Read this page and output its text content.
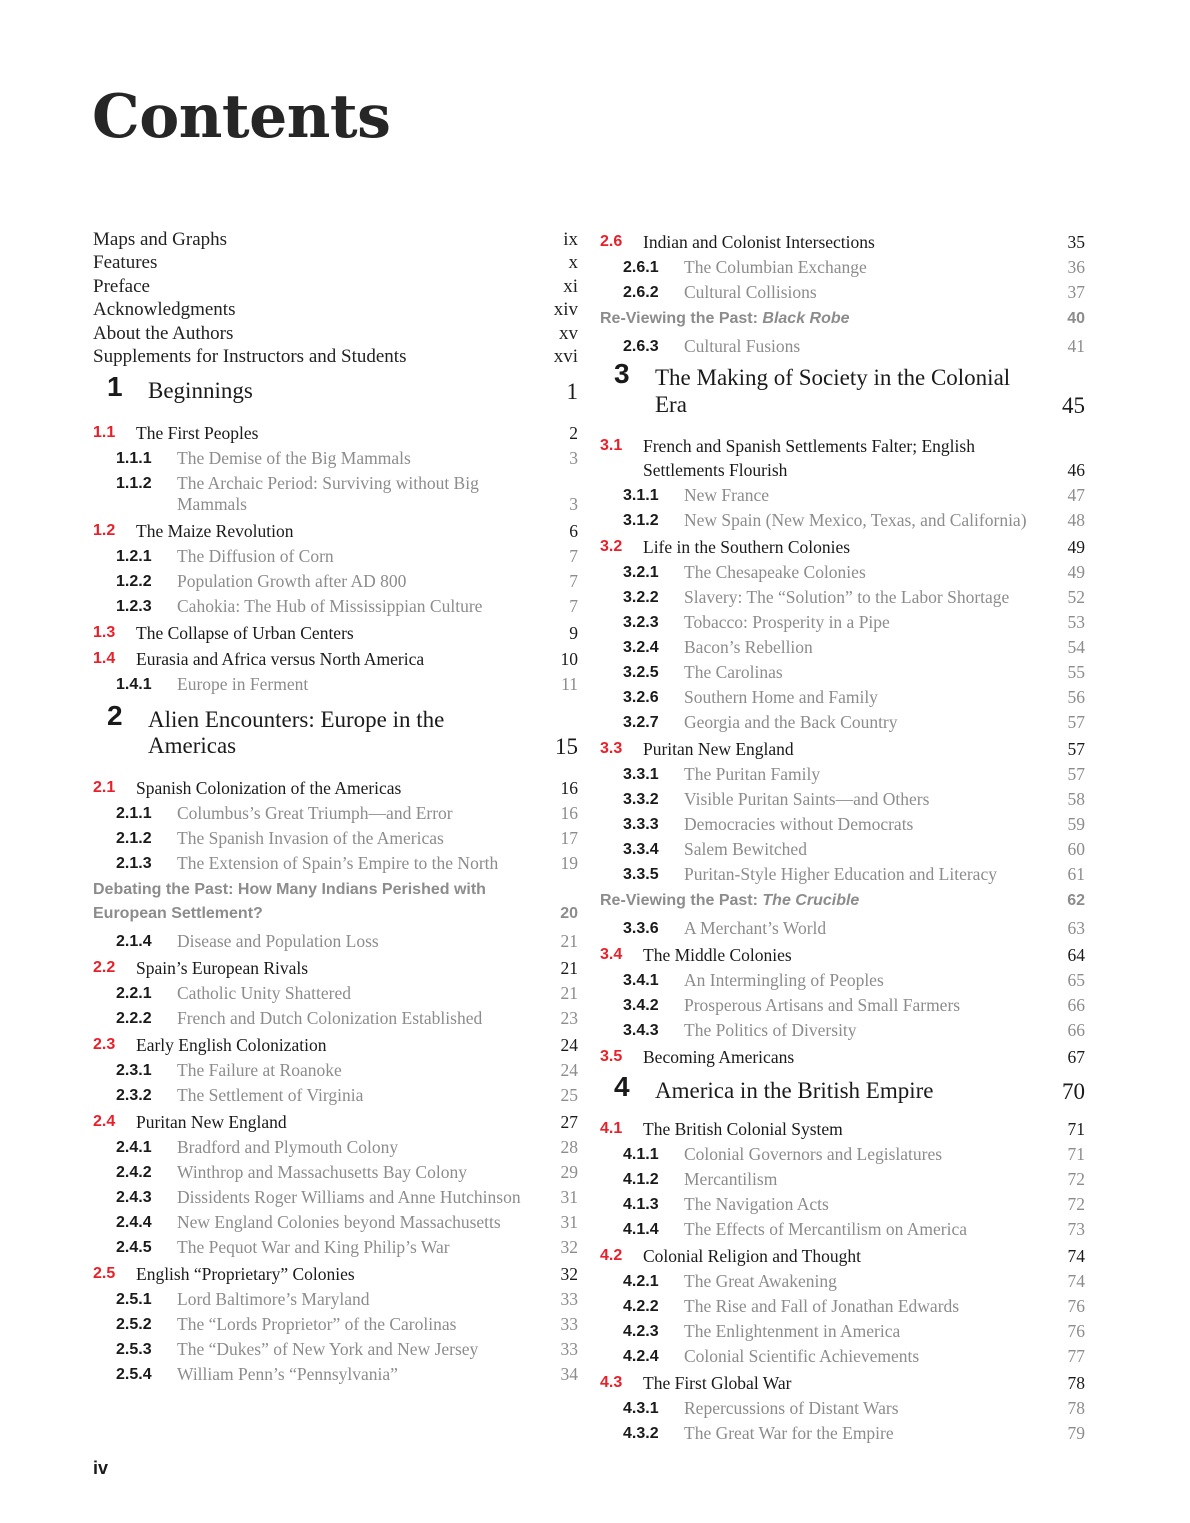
Contents
Maps and Graphs	ix
Features	x
Preface	xi
Acknowledgments	xiv
About the Authors	xv
Supplements for Instructors and Students	xvi
1 Beginnings	1
1.1 The First Peoples	2
1.1.1 The Demise of the Big Mammals	3
1.1.2 The Archaic Period: Surviving without Big Mammals	3
1.2 The Maize Revolution	6
1.2.1 The Diffusion of Corn	7
1.2.2 Population Growth after AD 800	7
1.2.3 Cahokia: The Hub of Mississippian Culture	7
1.3 The Collapse of Urban Centers	9
1.4 Eurasia and Africa versus North America	10
1.4.1 Europe in Ferment	11
2 Alien Encounters: Europe in the Americas	15
2.1 Spanish Colonization of the Americas	16
2.1.1 Columbus’s Great Triumph—and Error	16
2.1.2 The Spanish Invasion of the Americas	17
2.1.3 The Extension of Spain’s Empire to the North	19
Debating the Past: How Many Indians Perished with European Settlement?	20
2.1.4 Disease and Population Loss	21
2.2 Spain’s European Rivals	21
2.2.1 Catholic Unity Shattered	21
2.2.2 French and Dutch Colonization Established	23
2.3 Early English Colonization	24
2.3.1 The Failure at Roanoke	24
2.3.2 The Settlement of Virginia	25
2.4 Puritan New England	27
2.4.1 Bradford and Plymouth Colony	28
2.4.2 Winthrop and Massachusetts Bay Colony	29
2.4.3 Dissidents Roger Williams and Anne Hutchinson	31
2.4.4 New England Colonies beyond Massachusetts	31
2.4.5 The Pequot War and King Philip’s War	32
2.5 English “Proprietary” Colonies	32
2.5.1 Lord Baltimore’s Maryland	33
2.5.2 The “Lords Proprietor” of the Carolinas	33
2.5.3 The “Dukes” of New York and New Jersey	33
2.5.4 William Penn’s “Pennsylvania”	34
2.6 Indian and Colonist Intersections	35
2.6.1 The Columbian Exchange	36
2.6.2 Cultural Collisions	37
Re-Viewing the Past: Black Robe	40
2.6.3 Cultural Fusions	41
3 The Making of Society in the Colonial Era	45
3.1 French and Spanish Settlements Falter; English Settlements Flourish	46
3.1.1 New France	47
3.1.2 New Spain (New Mexico, Texas, and California)	48
3.2 Life in the Southern Colonies	49
3.2.1 The Chesapeake Colonies	49
3.2.2 Slavery: The “Solution” to the Labor Shortage	52
3.2.3 Tobacco: Prosperity in a Pipe	53
3.2.4 Bacon’s Rebellion	54
3.2.5 The Carolinas	55
3.2.6 Southern Home and Family	56
3.2.7 Georgia and the Back Country	57
3.3 Puritan New England	57
3.3.1 The Puritan Family	57
3.3.2 Visible Puritan Saints—and Others	58
3.3.3 Democracies without Democrats	59
3.3.4 Salem Bewitched	60
3.3.5 Puritan-Style Higher Education and Literacy	61
Re-Viewing the Past: The Crucible	62
3.3.6 A Merchant’s World	63
3.4 The Middle Colonies	64
3.4.1 An Intermingling of Peoples	65
3.4.2 Prosperous Artisans and Small Farmers	66
3.4.3 The Politics of Diversity	66
3.5 Becoming Americans	67
4 America in the British Empire	70
4.1 The British Colonial System	71
4.1.1 Colonial Governors and Legislatures	71
4.1.2 Mercantilism	72
4.1.3 The Navigation Acts	72
4.1.4 The Effects of Mercantilism on America	73
4.2 Colonial Religion and Thought	74
4.2.1 The Great Awakening	74
4.2.2 The Rise and Fall of Jonathan Edwards	76
4.2.3 The Enlightenment in America	76
4.2.4 Colonial Scientific Achievements	77
4.3 The First Global War	78
4.3.1 Repercussions of Distant Wars	78
4.3.2 The Great War for the Empire	79
iv
